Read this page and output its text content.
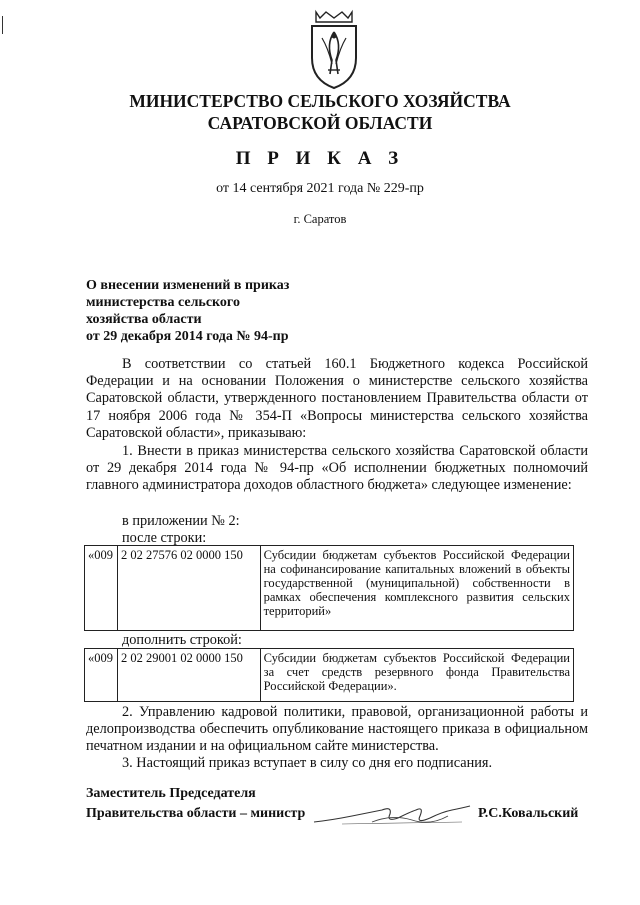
МИНИСТЕРСТВО СЕЛЬСКОГО ХОЗЯЙСТВА
САРАТОВСКОЙ ОБЛАСТИ
П Р И К А З
от 14 сентября 2021 года № 229-пр
г. Саратов
О внесении изменений в приказ
министерства сельского
хозяйства области
от 29 декабря 2014 года № 94-пр
В соответствии со статьей 160.1 Бюджетного кодекса Российской Федерации и на основании Положения о министерстве сельского хозяйства Саратовской области, утвержденного постановлением Правительства области от 17 ноября 2006 года № 354-П «Вопросы министерства сельского хозяйства Саратовской области», приказываю:
1. Внести в приказ министерства сельского хозяйства Саратовской области от 29 декабря 2014 года № 94-пр «Об исполнении бюджетных полномочий главного администратора доходов областного бюджета» следующее изменение:
в приложении № 2:
после строки:
«009	2 02 27576 02 0000 150	Субсидии бюджетам субъектов Российской Федерации на софинансирование капитальных вложений в объекты государственной (муниципальной) собственности в рамках обеспечения комплексного развития сельских территорий»
дополнить строкой:
«009	2 02 29001 02 0000 150	Субсидии бюджетам субъектов Российской Федерации за счет средств резервного фонда Правительства Российской Федерации».
2. Управлению кадровой политики, правовой, организационной работы и делопроизводства обеспечить опубликование настоящего приказа в официальном печатном издании и на официальном сайте министерства.
3. Настоящий приказ вступает в силу со дня его подписания.
Заместитель Председателя
Правительства области – министр	Р.С.Ковальский
